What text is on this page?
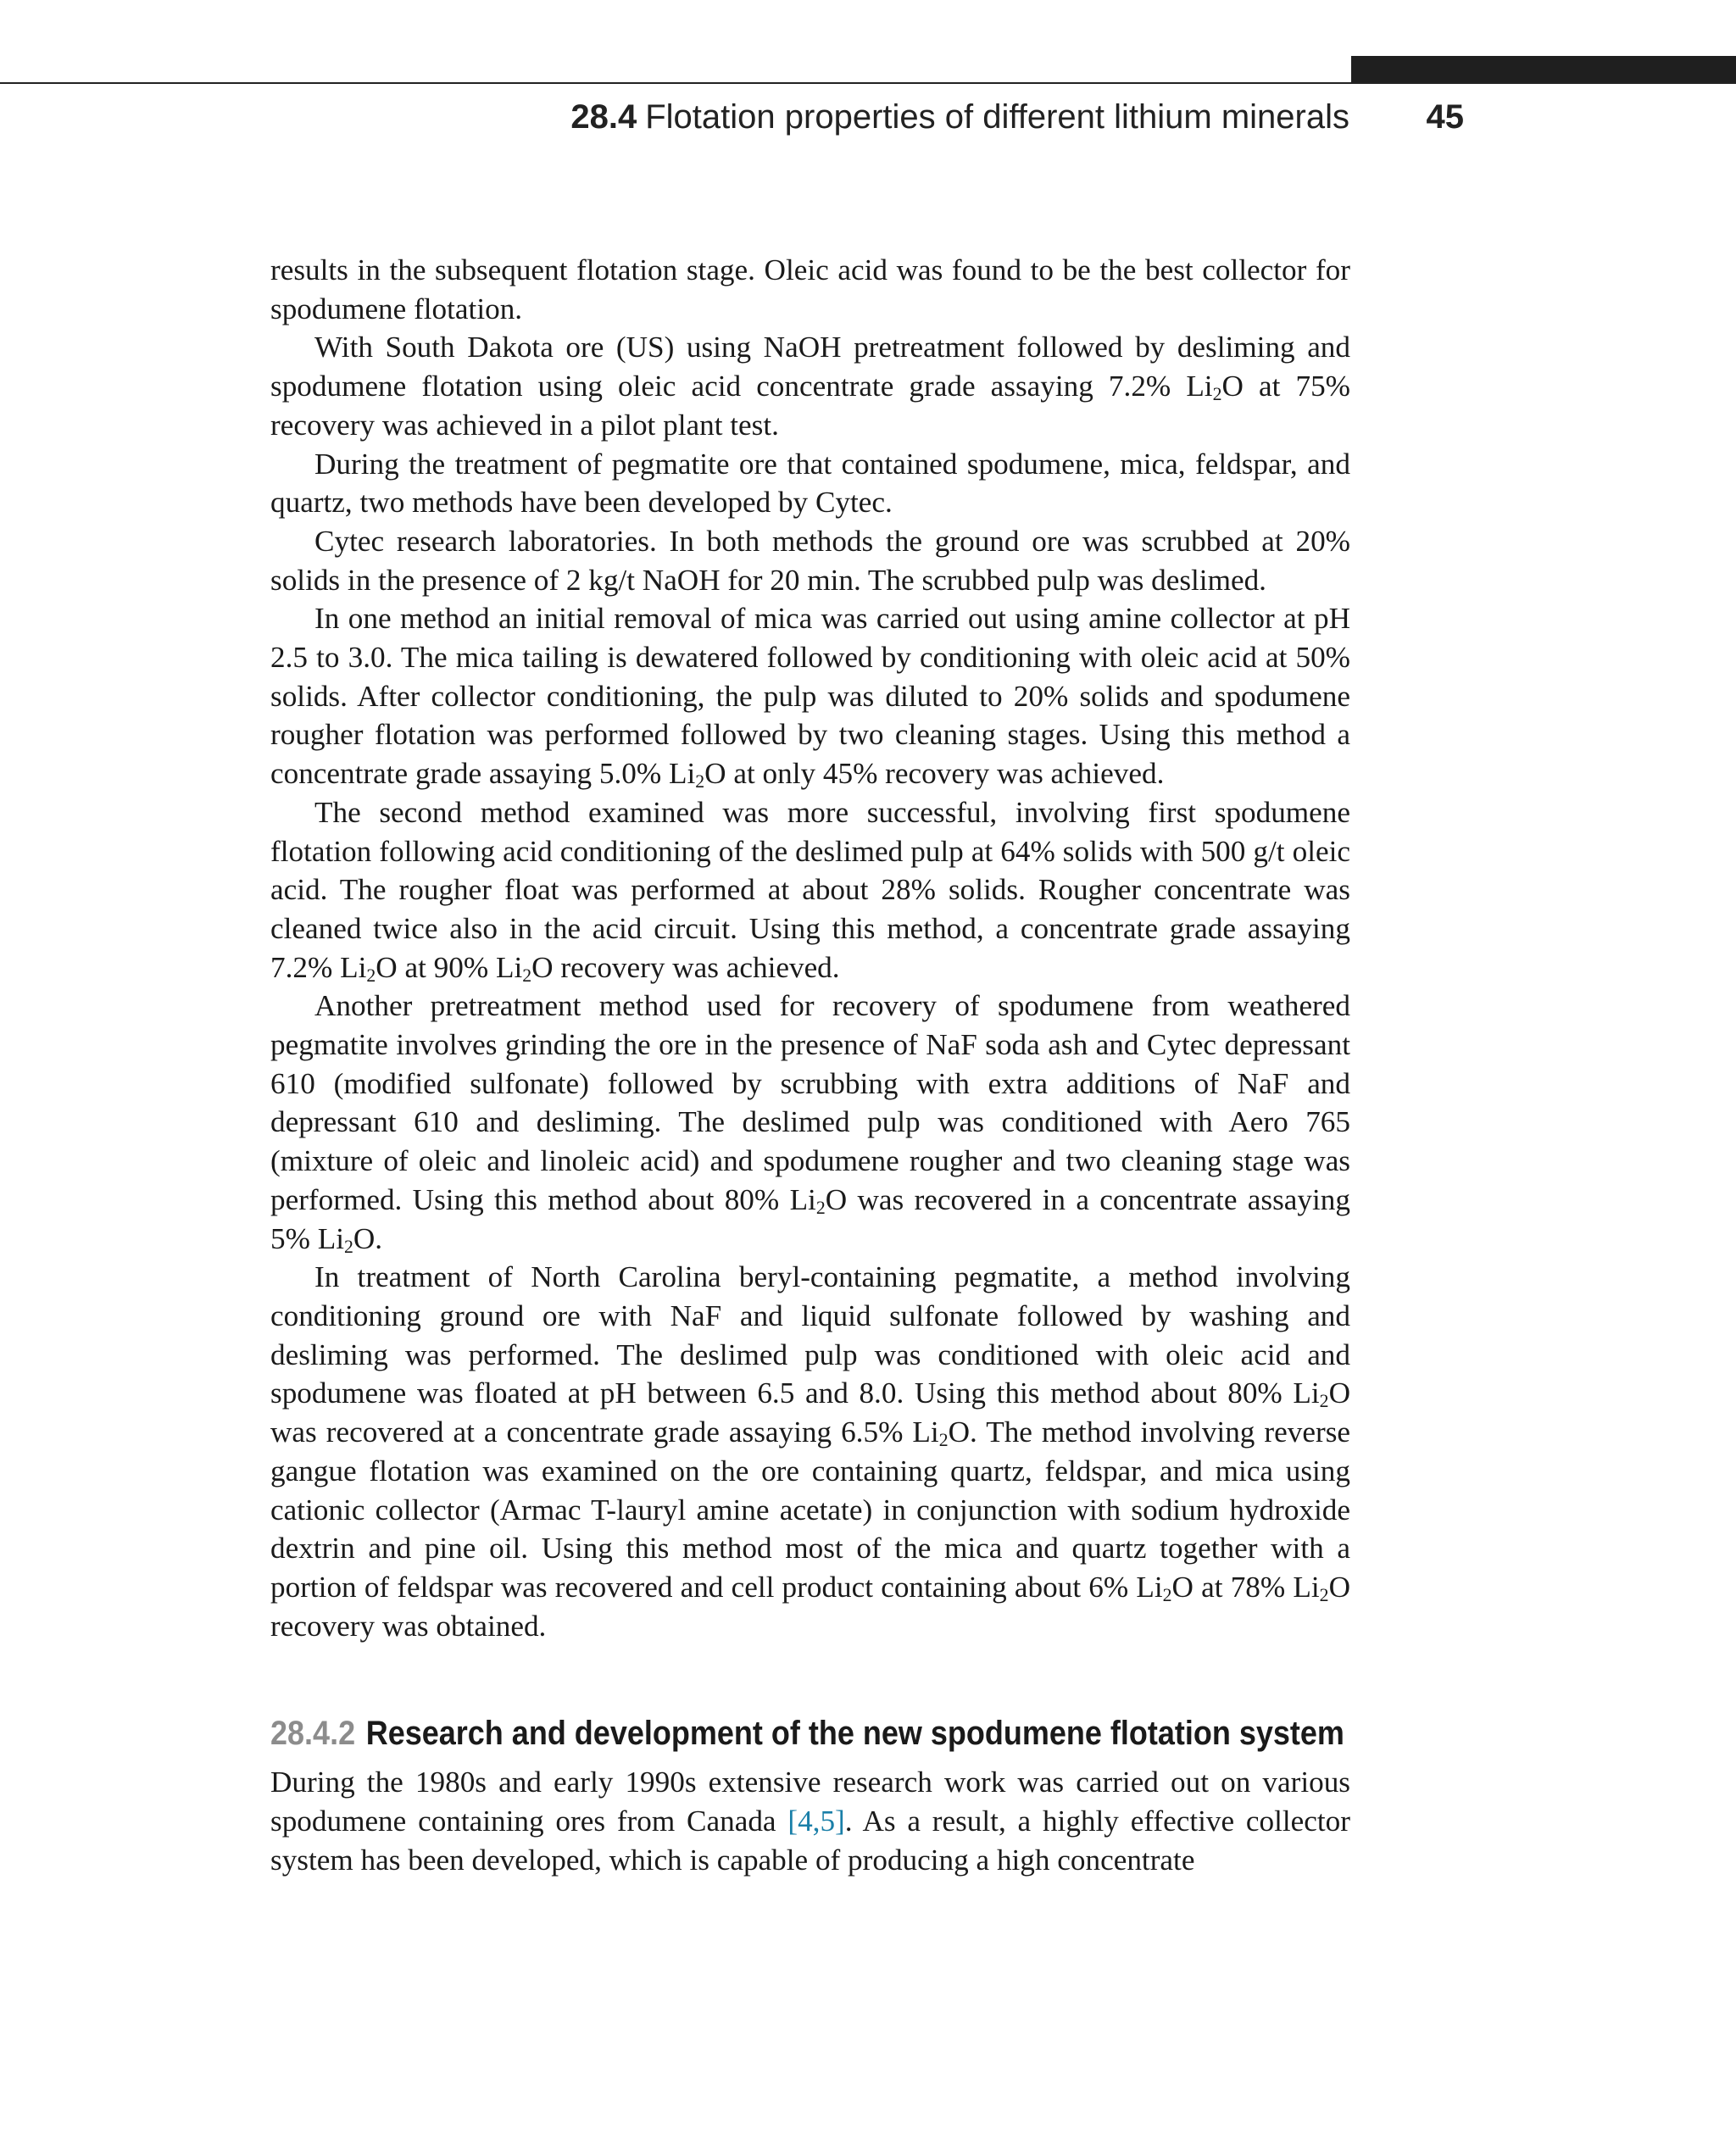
28.4 Flotation properties of different lithium minerals 45

results in the subsequent flotation stage. Oleic acid was found to be the best collector for spodumene flotation.

With South Dakota ore (US) using NaOH pretreatment followed by desliming and spodumene flotation using oleic acid concentrate grade assaying 7.2% $Li_2O$ at 75% recovery was achieved in a pilot plant test.

During the treatment of pegmatite ore that contained spodumene, mica, feldspar, and quartz, two methods have been developed by Cytec.

Cytec research laboratories. In both methods the ground ore was scrubbed at 20% solids in the presence of 2 kg/t NaOH for 20 min. The scrubbed pulp was deslimed.

In one method an initial removal of mica was carried out using amine collector at pH 2.5 to 3.0. The mica tailing is dewatered followed by conditioning with oleic acid at 50% solids. After collector conditioning, the pulp was diluted to 20% solids and spodumene rougher flotation was performed followed by two cleaning stages. Using this method a concentrate grade assaying 5.0% $Li_2O$ at only 45% recovery was achieved.

The second method examined was more successful, involving first spodumene flotation following acid conditioning of the deslimed pulp at 64% solids with 500 g/t oleic acid. The rougher float was performed at about 28% solids. Rougher concentrate was cleaned twice also in the acid circuit. Using this method, a concentrate grade assaying 7.2% $Li_2O$ at 90% $Li_2O$ recovery was achieved.

Another pretreatment method used for recovery of spodumene from weathered pegmatite involves grinding the ore in the presence of NaF soda ash and Cytec depressant 610 (modified sulfonate) followed by scrubbing with extra additions of NaF and depressant 610 and desliming. The deslimed pulp was conditioned with Aero 765 (mixture of oleic and linoleic acid) and spodumene rougher and two cleaning stage was performed. Using this method about 80% $Li_2O$ was recovered in a concentrate assaying 5% $Li_2O$.

In treatment of North Carolina beryl-containing pegmatite, a method involving conditioning ground ore with NaF and liquid sulfonate followed by washing and desliming was performed. The deslimed pulp was conditioned with oleic acid and spodumene was floated at pH between 6.5 and 8.0. Using this method about 80% $Li_2O$ was recovered at a concentrate grade assaying 6.5% $Li_2O$. The method involving reverse gangue flotation was examined on the ore containing quartz, feldspar, and mica using cationic collector (Armac T-lauryl amine acetate) in conjunction with sodium hydroxide dextrin and pine oil. Using this method most of the mica and quartz together with a portion of feldspar was recovered and cell product containing about 6% $Li_2O$ at 78% $Li_2O$ recovery was obtained.

28.4.2 Research and development of the new spodumene flotation system

During the 1980s and early 1990s extensive research work was carried out on various spodumene containing ores from Canada [4,5]. As a result, a highly effective collector system has been developed, which is capable of producing a high concentrate
